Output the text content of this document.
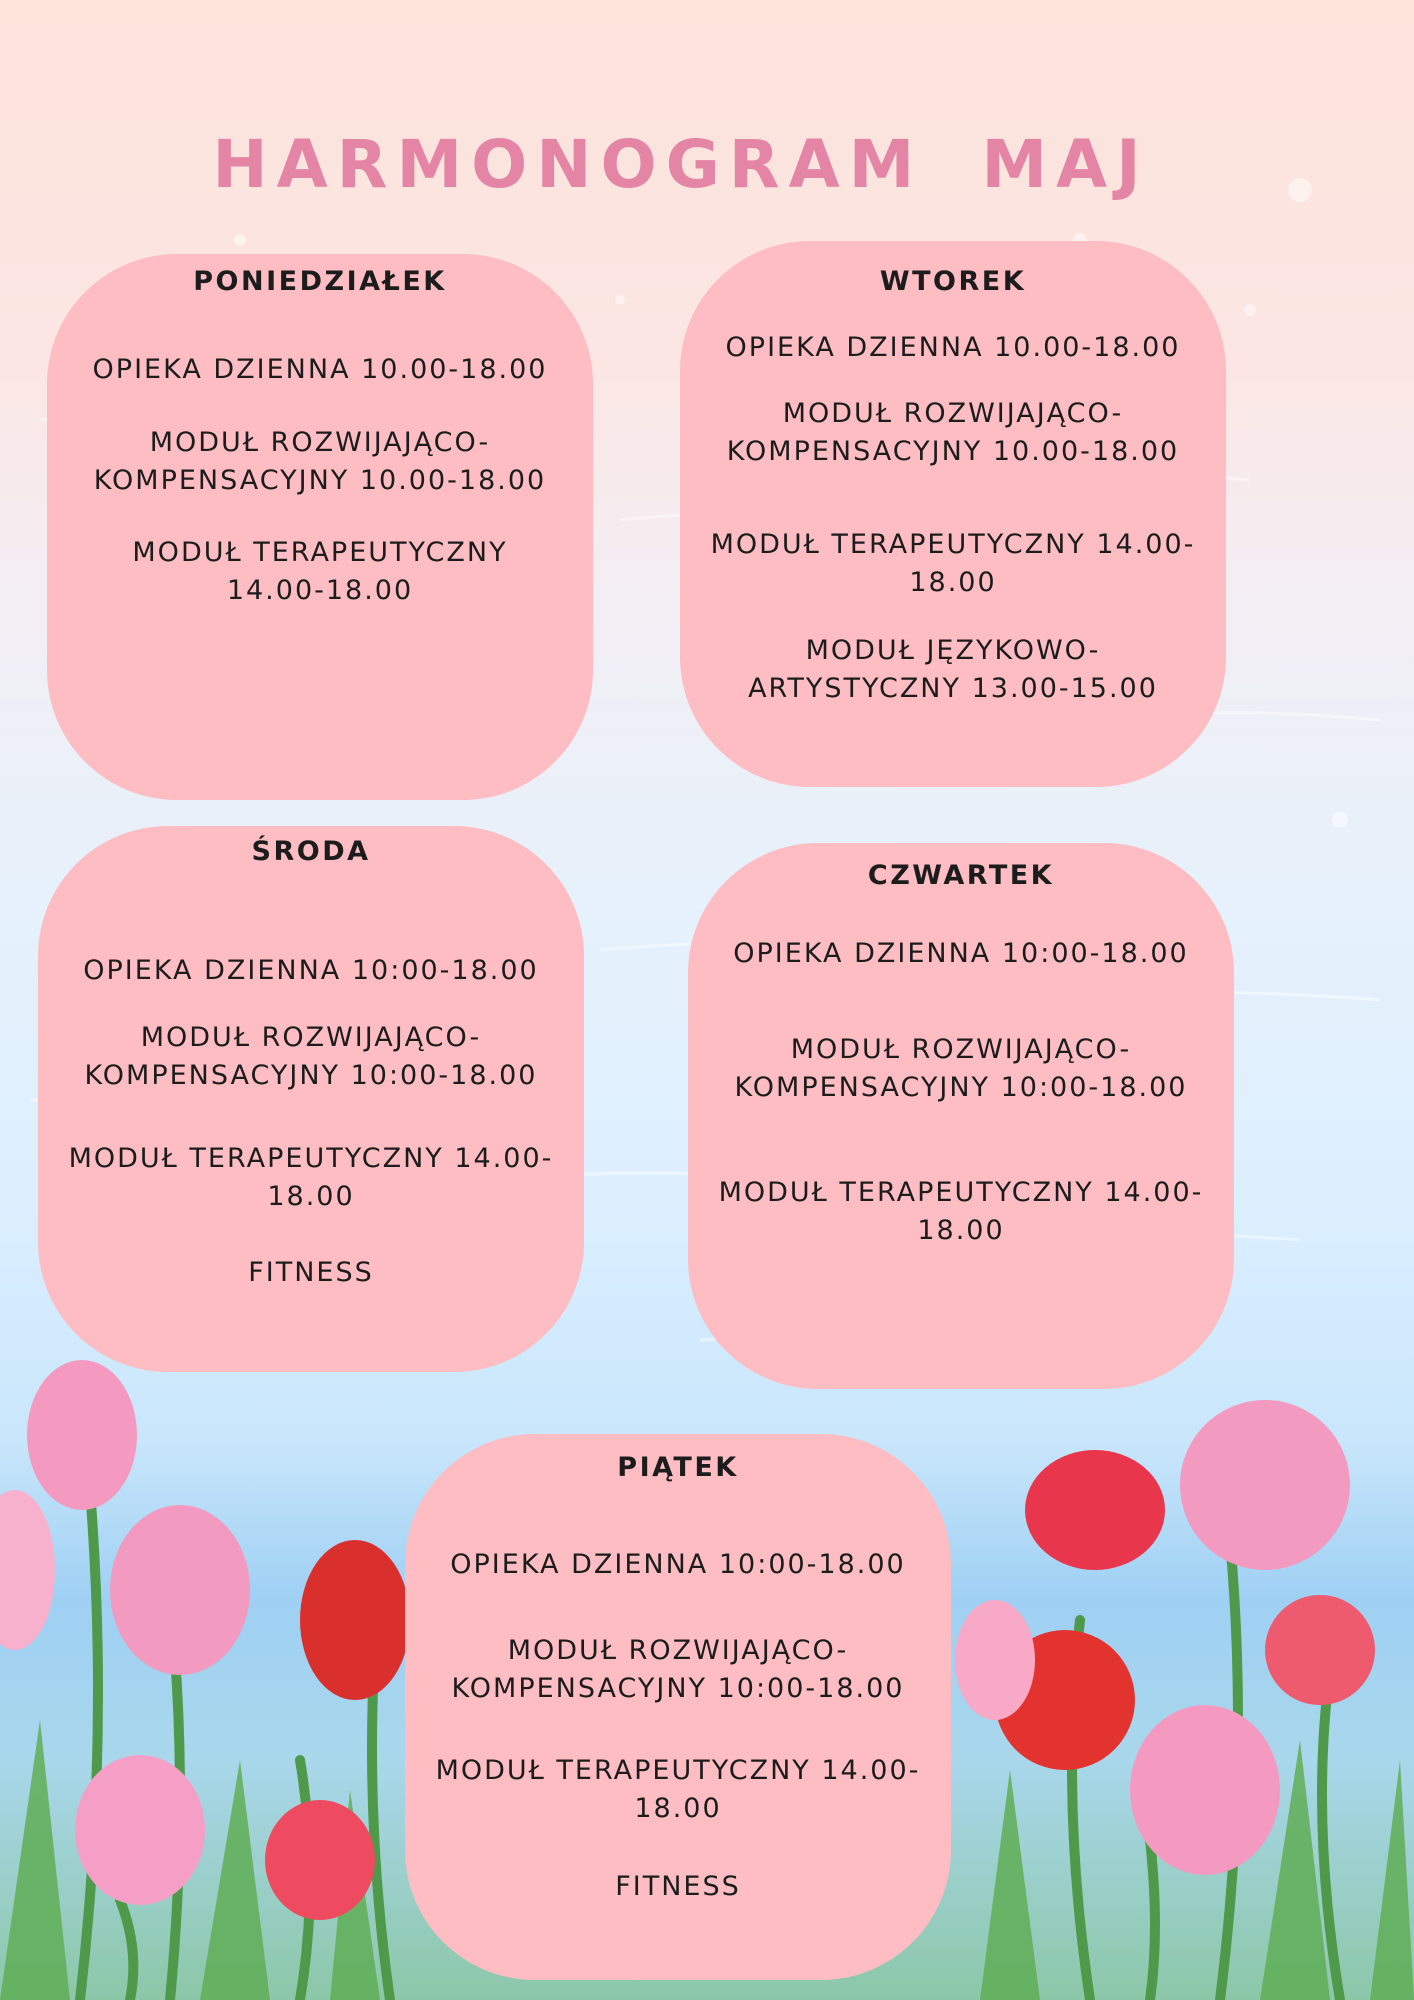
HARMONOGRAM MAJ
PONIEDZIAŁEK
OPIEKA DZIENNA 10.00-18.00
MODUŁ ROZWIJAJĄCO-
KOMPENSACYJNY 10.00-18.00
MODUŁ TERAPEUTYCZNY
14.00-18.00
WTOREK
OPIEKA DZIENNA 10.00-18.00
MODUŁ ROZWIJAJĄCO-
KOMPENSACYJNY 10.00-18.00
MODUŁ TERAPEUTYCZNY 14.00-
18.00
MODUŁ JĘZYKOWO-
ARTYSTYCZNY 13.00-15.00
ŚRODA
OPIEKA DZIENNA 10:00-18.00
MODUŁ ROZWIJAJĄCO-
KOMPENSACYJNY 10:00-18.00
MODUŁ TERAPEUTYCZNY 14.00-
18.00
FITNESS
CZWARTEK
OPIEKA DZIENNA 10:00-18.00
MODUŁ ROZWIJAJĄCO-
KOMPENSACYJNY 10:00-18.00
MODUŁ TERAPEUTYCZNY 14.00-
18.00
PIĄTEK
OPIEKA DZIENNA 10:00-18.00
MODUŁ ROZWIJAJĄCO-
KOMPENSACYJNY 10:00-18.00
MODUŁ TERAPEUTYCZNY 14.00-
18.00
FITNESS
